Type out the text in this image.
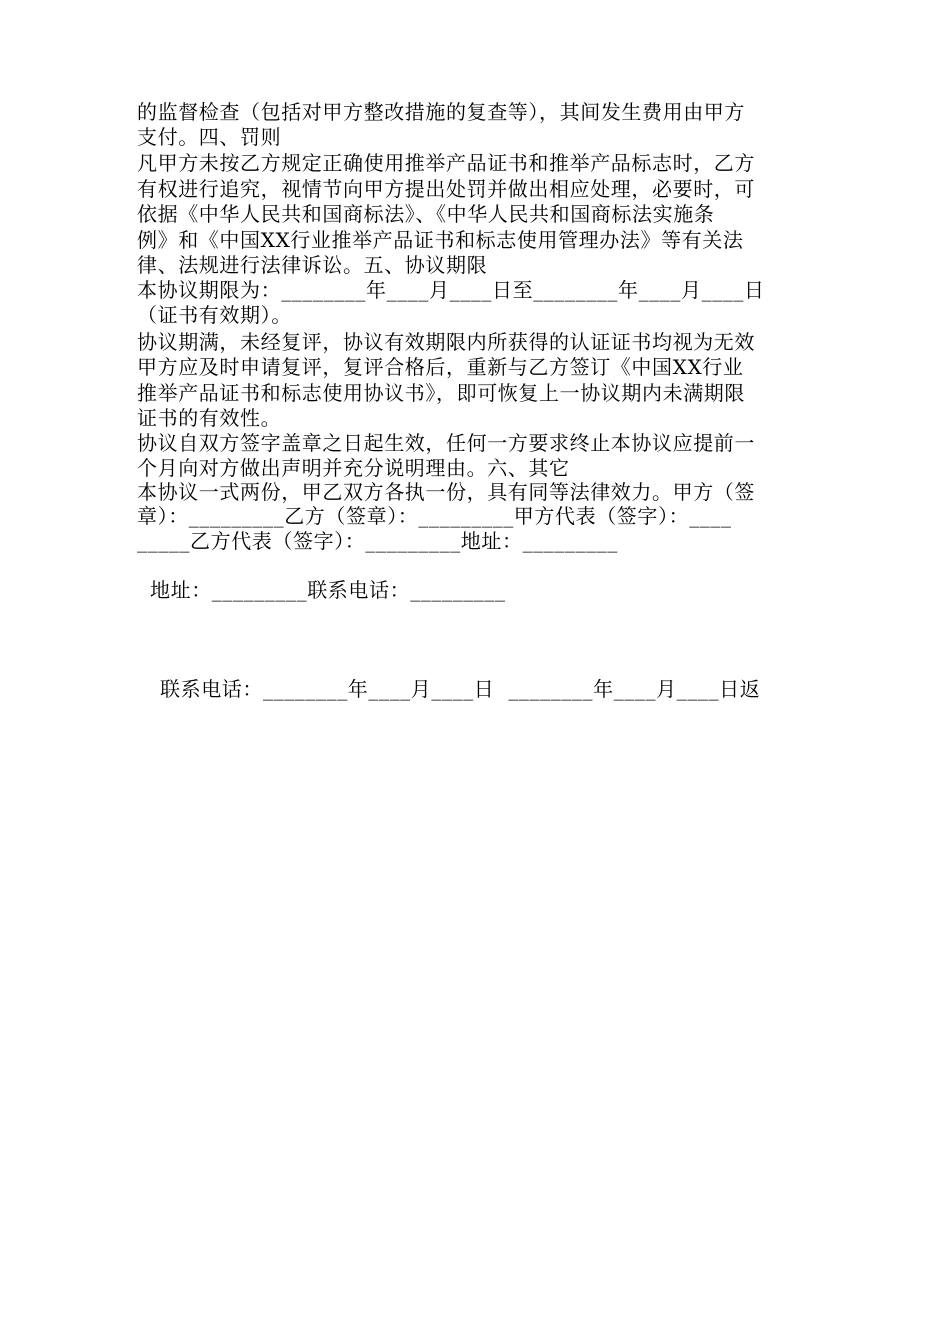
的监督检查（包括对甲方整改措施的复查等），其间发生费用由甲方
支付。四、罚则
凡甲方未按乙方规定正确使用推举产品证书和推举产品标志时，乙方
有权进行追究，视情节向甲方提出处罚并做出相应处理，必要时，可
依据《中华人民共和国商标法》、《中华人民共和国商标法实施条
例》和《中国XX行业推举产品证书和标志使用管理办法》等有关法
律、法规进行法律诉讼。五、协议期限
本协议期限为：________年____月____日至________年____月____日
（证书有效期）。
协议期满，未经复评，协议有效期限内所获得的认证证书均视为无效
甲方应及时申请复评，复评合格后，重新与乙方签订《中国XX行业
推举产品证书和标志使用协议书》，即可恢复上一协议期内未满期限
证书的有效性。
协议自双方签字盖章之日起生效，任何一方要求终止本协议应提前一
个月向对方做出声明并充分说明理由。六、其它
本协议一式两份，甲乙双方各执一份，具有同等法律效力。甲方（签
章）：_________乙方（签章）：_________甲方代表（签字）：____
_____乙方代表（签字）：_________地址：_________
地址：_________联系电话：_________
联系电话：________年____月____日  ________年____月____日返
